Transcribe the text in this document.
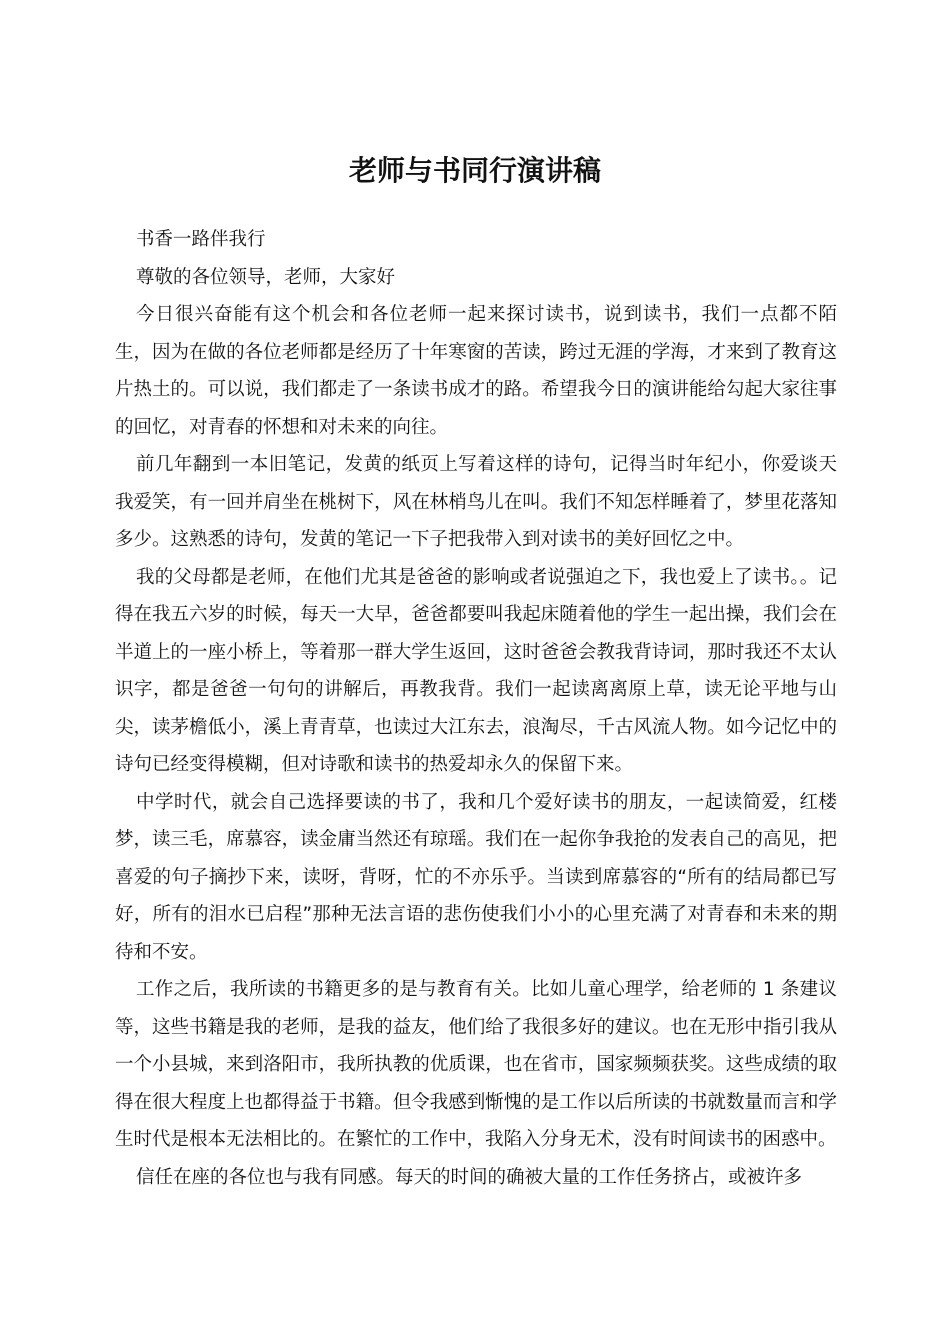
老师与书同行演讲稿

书香一路伴我行

尊敬的各位领导，老师，大家好

今日很兴奋能有这个机会和各位老师一起来探讨读书，说到读书，我们一点都不陌生，因为在做的各位老师都是经历了十年寒窗的苦读，跨过无涯的学海，才来到了教育这片热土的。可以说，我们都走了一条读书成才的路。希望我今日的演讲能给勾起大家往事的回忆，对青春的怀想和对未来的向往。

前几年翻到一本旧笔记，发黄的纸页上写着这样的诗句，记得当时年纪小，你爱谈天我爱笑，有一回并肩坐在桃树下，风在林梢鸟儿在叫。我们不知怎样睡着了，梦里花落知多少。这熟悉的诗句，发黄的笔记一下子把我带入到对读书的美好回忆之中。

我的父母都是老师，在他们尤其是爸爸的影响或者说强迫之下，我也爱上了读书。。记得在我五六岁的时候，每天一大早，爸爸都要叫我起床随着他的学生一起出操，我们会在半道上的一座小桥上，等着那一群大学生返回，这时爸爸会教我背诗词，那时我还不太认识字，都是爸爸一句句的讲解后，再教我背。我们一起读离离原上草，读无论平地与山尖，读茅檐低小，溪上青青草，也读过大江东去，浪淘尽，千古风流人物。如今记忆中的诗句已经变得模糊，但对诗歌和读书的热爱却永久的保留下来。

中学时代，就会自己选择要读的书了，我和几个爱好读书的朋友，一起读简爱，红楼梦，读三毛，席慕容，读金庸当然还有琼瑶。我们在一起你争我抢的发表自己的高见，把喜爱的句子摘抄下来，读呀，背呀，忙的不亦乐乎。当读到席慕容的“所有的结局都已写好，所有的泪水已启程”那种无法言语的悲伤使我们小小的心里充满了对青春和未来的期待和不安。

工作之后，我所读的书籍更多的是与教育有关。比如儿童心理学，给老师的 1 条建议等，这些书籍是我的老师，是我的益友，他们给了我很多好的建议。也在无形中指引我从一个小县城，来到洛阳市，我所执教的优质课，也在省市，国家频频获奖。这些成绩的取得在很大程度上也都得益于书籍。但令我感到惭愧的是工作以后所读的书就数量而言和学生时代是根本无法相比的。在繁忙的工作中，我陷入分身无术，没有时间读书的困惑中。

信任在座的各位也与我有同感。每天的时间的确被大量的工作任务挤占，或被许多
